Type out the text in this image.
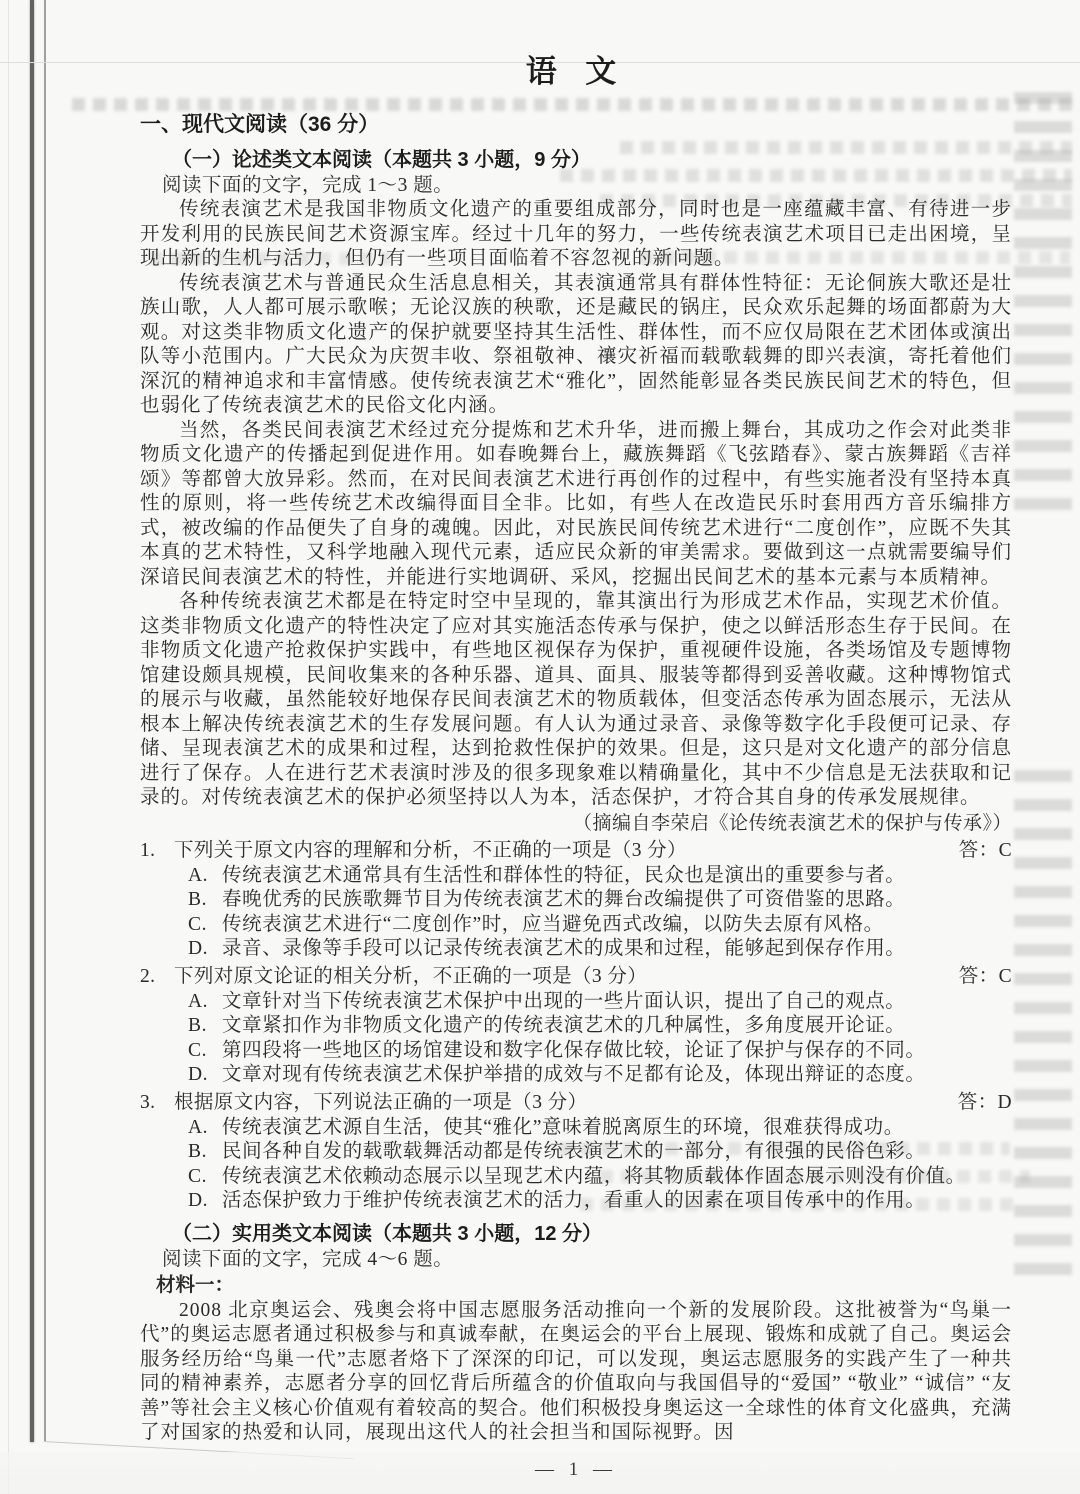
语 文
一、现代文阅读（36 分）
（一）论述类文本阅读（本题共 3 小题，9 分）
阅读下面的文字，完成 1～3 题。

传统表演艺术是我国非物质文化遗产的重要组成部分，同时也是一座蕴藏丰富、有待进一步开发利用的民族民间艺术资源宝库。经过十几年的努力，一些传统表演艺术项目已走出困境，呈现出新的生机与活力，但仍有一些项目面临着不容忽视的新问题。

传统表演艺术与普通民众生活息息相关，其表演通常具有群体性特征：无论侗族大歌还是壮族山歌，人人都可展示歌喉；无论汉族的秧歌，还是藏民的锅庄，民众欢乐起舞的场面都蔚为大观。对这类非物质文化遗产的保护就要坚持其生活性、群体性，而不应仅局限在艺术团体或演出队等小范围内。广大民众为庆贺丰收、祭祖敬神、禳灾祈福而载歌载舞的即兴表演，寄托着他们深沉的精神追求和丰富情感。使传统表演艺术“雅化”，固然能彰显各类民族民间艺术的特色，但也弱化了传统表演艺术的民俗文化内涵。

当然，各类民间表演艺术经过充分提炼和艺术升华，进而搬上舞台，其成功之作会对此类非物质文化遗产的传播起到促进作用。如春晚舞台上，藏族舞蹈《飞弦踏春》、蒙古族舞蹈《吉祥颂》等都曾大放异彩。然而，在对民间表演艺术进行再创作的过程中，有些实施者没有坚持本真性的原则，将一些传统艺术改编得面目全非。比如，有些人在改造民乐时套用西方音乐编排方式，被改编的作品便失了自身的魂魄。因此，对民族民间传统艺术进行“二度创作”，应既不失其本真的艺术特性，又科学地融入现代元素，适应民众新的审美需求。要做到这一点就需要编导们深谙民间表演艺术的特性，并能进行实地调研、采风，挖掘出民间艺术的基本元素与本质精神。

各种传统表演艺术都是在特定时空中呈现的，靠其演出行为形成艺术作品，实现艺术价值。这类非物质文化遗产的特性决定了应对其实施活态传承与保护，使之以鲜活形态生存于民间。在非物质文化遗产抢救保护实践中，有些地区视保存为保护，重视硬件设施，各类场馆及专题博物馆建设颇具规模，民间收集来的各种乐器、道具、面具、服装等都得到妥善收藏。这种博物馆式的展示与收藏，虽然能较好地保存民间表演艺术的物质载体，但变活态传承为固态展示，无法从根本上解决传统表演艺术的生存发展问题。有人认为通过录音、录像等数字化手段便可记录、存储、呈现表演艺术的成果和过程，达到抢救性保护的效果。但是，这只是对文化遗产的部分信息进行了保存。人在进行艺术表演时涉及的很多现象难以精确量化，其中不少信息是无法获取和记录的。对传统表演艺术的保护必须坚持以人为本，活态保护，才符合其自身的传承发展规律。

（摘编自李荣启《论传统表演艺术的保护与传承》）
1. 下列关于原文内容的理解和分析，不正确的一项是（3 分）	答：C
A. 传统表演艺术通常具有生活性和群体性的特征，民众也是演出的重要参与者。
B. 春晚优秀的民族歌舞节目为传统表演艺术的舞台改编提供了可资借鉴的思路。
C. 传统表演艺术进行“二度创作”时，应当避免西式改编，以防失去原有风格。
D. 录音、录像等手段可以记录传统表演艺术的成果和过程，能够起到保存作用。
2. 下列对原文论证的相关分析，不正确的一项是（3 分）	答：C
A. 文章针对当下传统表演艺术保护中出现的一些片面认识，提出了自己的观点。
B. 文章紧扣作为非物质文化遗产的传统表演艺术的几种属性，多角度展开论证。
C. 第四段将一些地区的场馆建设和数字化保存做比较，论证了保护与保存的不同。
D. 文章对现有传统表演艺术保护举措的成效与不足都有论及，体现出辩证的态度。
3. 根据原文内容，下列说法正确的一项是（3 分）	答：D
A. 传统表演艺术源自生活，使其“雅化”意味着脱离原生的环境，很难获得成功。
B. 民间各种自发的载歌载舞活动都是传统表演艺术的一部分，有很强的民俗色彩。
C. 传统表演艺术依赖动态展示以呈现艺术内蕴，将其物质载体作固态展示则没有价值。
D. 活态保护致力于维护传统表演艺术的活力，看重人的因素在项目传承中的作用。
（二）实用类文本阅读（本题共 3 小题，12 分）
阅读下面的文字，完成 4～6 题。
材料一：

2008 北京奥运会、残奥会将中国志愿服务活动推向一个新的发展阶段。这批被誉为“鸟巢一代”的奥运志愿者通过积极参与和真诚奉献，在奥运会的平台上展现、锻炼和成就了自己。奥运会服务经历给“鸟巢一代”志愿者烙下了深深的印记，可以发现，奥运志愿服务的实践产生了一种共同的精神素养，志愿者分享的回忆背后所蕴含的价值取向与我国倡导的“爱国” “敬业” “诚信” “友善”等社会主义核心价值观有着较高的契合。他们积极投身奥运这一全球性的体育文化盛典，充满了对国家的热爱和认同，展现出这代人的社会担当和国际视野。因

— 1 —
